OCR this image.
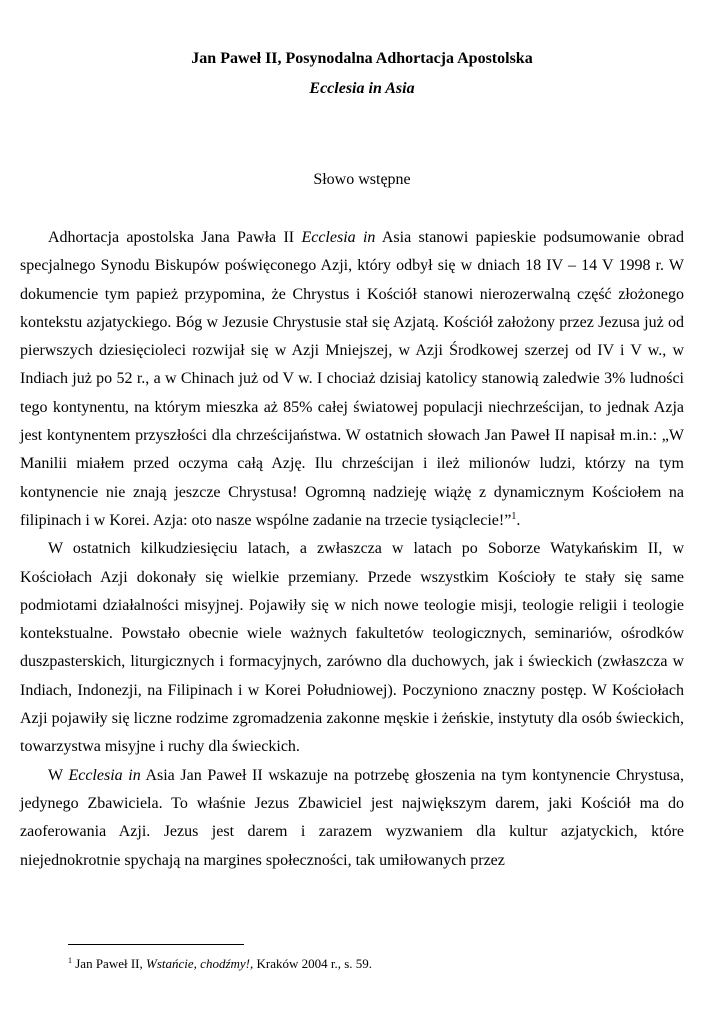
Jan Paweł II, Posynodalna Adhortacja Apostolska
Ecclesia in Asia
Słowo wstępne

Adhortacja apostolska Jana Pawła II Ecclesia in Asia stanowi papieskie podsumowanie obrad specjalnego Synodu Biskupów poświęconego Azji, który odbył się w dniach 18 IV – 14 V 1998 r. W dokumencie tym papież przypomina, że Chrystus i Kościół stanowi nierozerwalną część złożonego kontekstu azjatyckiego. Bóg w Jezusie Chrystusie stał się Azjatą. Kościół założony przez Jezusa już od pierwszych dziesięcioleci rozwijał się w Azji Mniejszej, w Azji Środkowej szerzej od IV i V w., w Indiach już po 52 r., a w Chinach już od V w. I chociaż dzisiaj katolicy stanowią zaledwie 3% ludności tego kontynentu, na którym mieszka aż 85% całej światowej populacji niechrześcijan, to jednak Azja jest kontynentem przyszłości dla chrześcijaństwa. W ostatnich słowach Jan Paweł II napisał m.in.: „W Manilii miałem przed oczyma całą Azję. Ilu chrześcijan i ileż milionów ludzi, którzy na tym kontynencie nie znają jeszcze Chrystusa! Ogromną nadzieję wiążę z dynamicznym Kościołem na filipinach i w Korei. Azja: oto nasze wspólne zadanie na trzecie tysiąclecie!”$^1$.

W ostatnich kilkudziesięciu latach, a zwłaszcza w latach po Soborze Watykańskim II, w Kościołach Azji dokonały się wielkie przemiany. Przede wszystkim Kościoły te stały się same podmiotami działalności misyjnej. Pojawiły się w nich nowe teologie misji, teologie religii i teologie kontekstualne. Powstało obecnie wiele ważnych fakultetów teologicznych, seminariów, ośrodków duszpasterskich, liturgicznych i formacyjnych, zarówno dla duchowych, jak i świeckich (zwłaszcza w Indiach, Indonezji, na Filipinach i w Korei Południowej). Poczyniono znaczny postęp. W Kościołach Azji pojawiły się liczne rodzime zgromadzenia zakonne męskie i żeńskie, instytuty dla osób świeckich, towarzystwa misyjne i ruchy dla świeckich.

W Ecclesia in Asia Jan Paweł II wskazuje na potrzebę głoszenia na tym kontynencie Chrystusa, jedynego Zbawiciela. To właśnie Jezus Zbawiciel jest największym darem, jaki Kościół ma do zaoferowania Azji. Jezus jest darem i zarazem wyzwaniem dla kultur azjatyckich, które niejednokrotnie spychają na margines społeczności, tak umiłowanych przez

$^1$ Jan Paweł II, Wstańcie, chodźmy!, Kraków 2004 r., s. 59.
